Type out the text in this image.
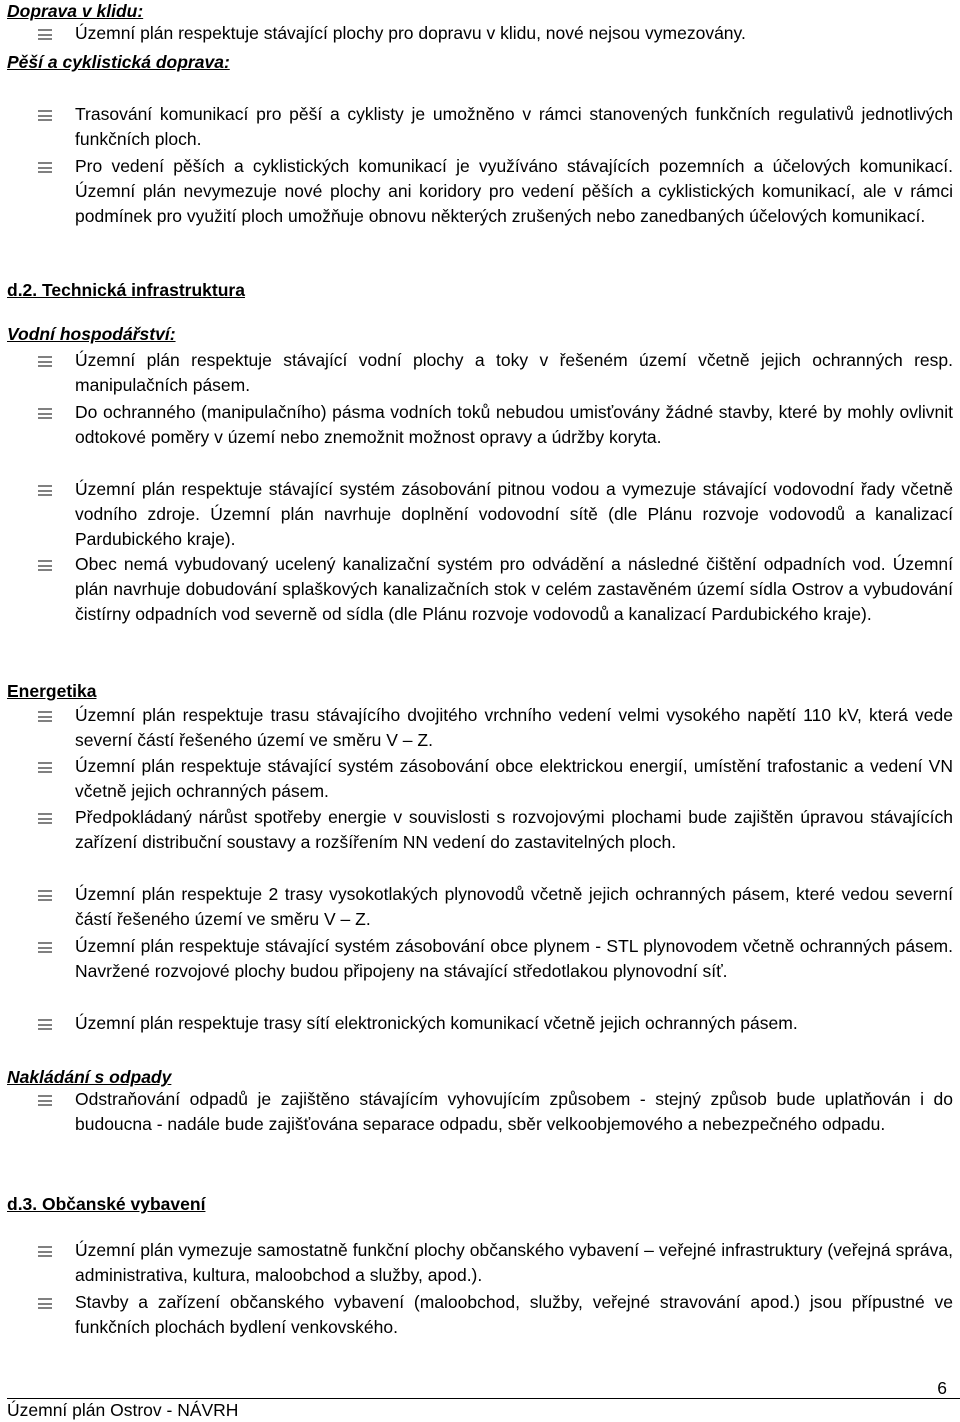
Doprava v klidu:
Územní plán respektuje stávající plochy pro dopravu v klidu, nové nejsou vymezovány.
Pěší a cyklistická doprava:
Trasování komunikací pro pěší a cyklisty je umožněno v rámci stanovených funkčních regulativů jednotlivých funkčních ploch.
Pro vedení pěších a cyklistických komunikací je využíváno stávajících pozemních a účelových komunikací. Územní plán nevymezuje nové plochy ani koridory pro vedení pěších a cyklistických komunikací, ale v rámci podmínek pro využití ploch umožňuje obnovu některých zrušených nebo zanedbaných účelových komunikací.
d.2. Technická infrastruktura
Vodní hospodářství:
Územní plán respektuje stávající vodní plochy a toky v řešeném území včetně jejich ochranných resp. manipulačních pásem.
Do ochranného (manipulačního) pásma vodních toků nebudou umisťovány žádné stavby, které by mohly ovlivnit odtokové poměry v území nebo znemožnit možnost opravy a údržby koryta.
Územní plán respektuje stávající systém zásobování pitnou vodou a vymezuje stávající vodovodní řady včetně vodního zdroje. Územní plán navrhuje doplnění vodovodní sítě (dle Plánu rozvoje vodovodů a kanalizací Pardubického kraje).
Obec nemá vybudovaný ucelený kanalizační systém pro odvádění a následné čištění odpadních vod. Územní plán navrhuje dobudování splaškových kanalizačních stok v celém zastavěném území sídla Ostrov a vybudování čistírny odpadních vod severně od sídla (dle Plánu rozvoje vodovodů a kanalizací Pardubického kraje).
Energetika
Územní plán respektuje trasu stávajícího dvojitého vrchního vedení velmi vysokého napětí 110 kV, která vede severní částí řešeného území ve směru V – Z.
Územní plán respektuje stávající systém zásobování obce elektrickou energií, umístění trafostanic a vedení VN včetně jejich ochranných pásem.
Předpokládaný nárůst spotřeby energie v souvislosti s rozvojovými plochami bude zajištěn úpravou stávajících zařízení distribuční soustavy a rozšířením NN vedení do zastavitelných ploch.
Územní plán respektuje 2 trasy vysokotlakých plynovodů včetně jejich ochranných pásem, které vedou severní částí řešeného území ve směru V – Z.
Územní plán respektuje stávající systém zásobování obce plynem - STL plynovodem včetně ochranných pásem. Navržené rozvojové plochy budou připojeny na stávající středotlakou plynovodní síť.
Územní plán respektuje trasy sítí elektronických komunikací včetně jejich ochranných pásem.
Nakládání s odpady
Odstraňování odpadů je zajištěno stávajícím vyhovujícím způsobem - stejný způsob bude uplatňován i do budoucna - nadále bude zajišťována separace odpadu, sběr velkoobjemového a nebezpečného odpadu.
d.3. Občanské vybavení
Územní plán vymezuje samostatně funkční plochy občanského vybavení – veřejné infrastruktury (veřejná správa, administrativa, kultura, maloobchod a služby, apod.).
Stavby a zařízení občanského vybavení (maloobchod, služby, veřejné stravování apod.) jsou přípustné ve funkčních plochách bydlení venkovského.
6
Územní plán Ostrov - NÁVRH
